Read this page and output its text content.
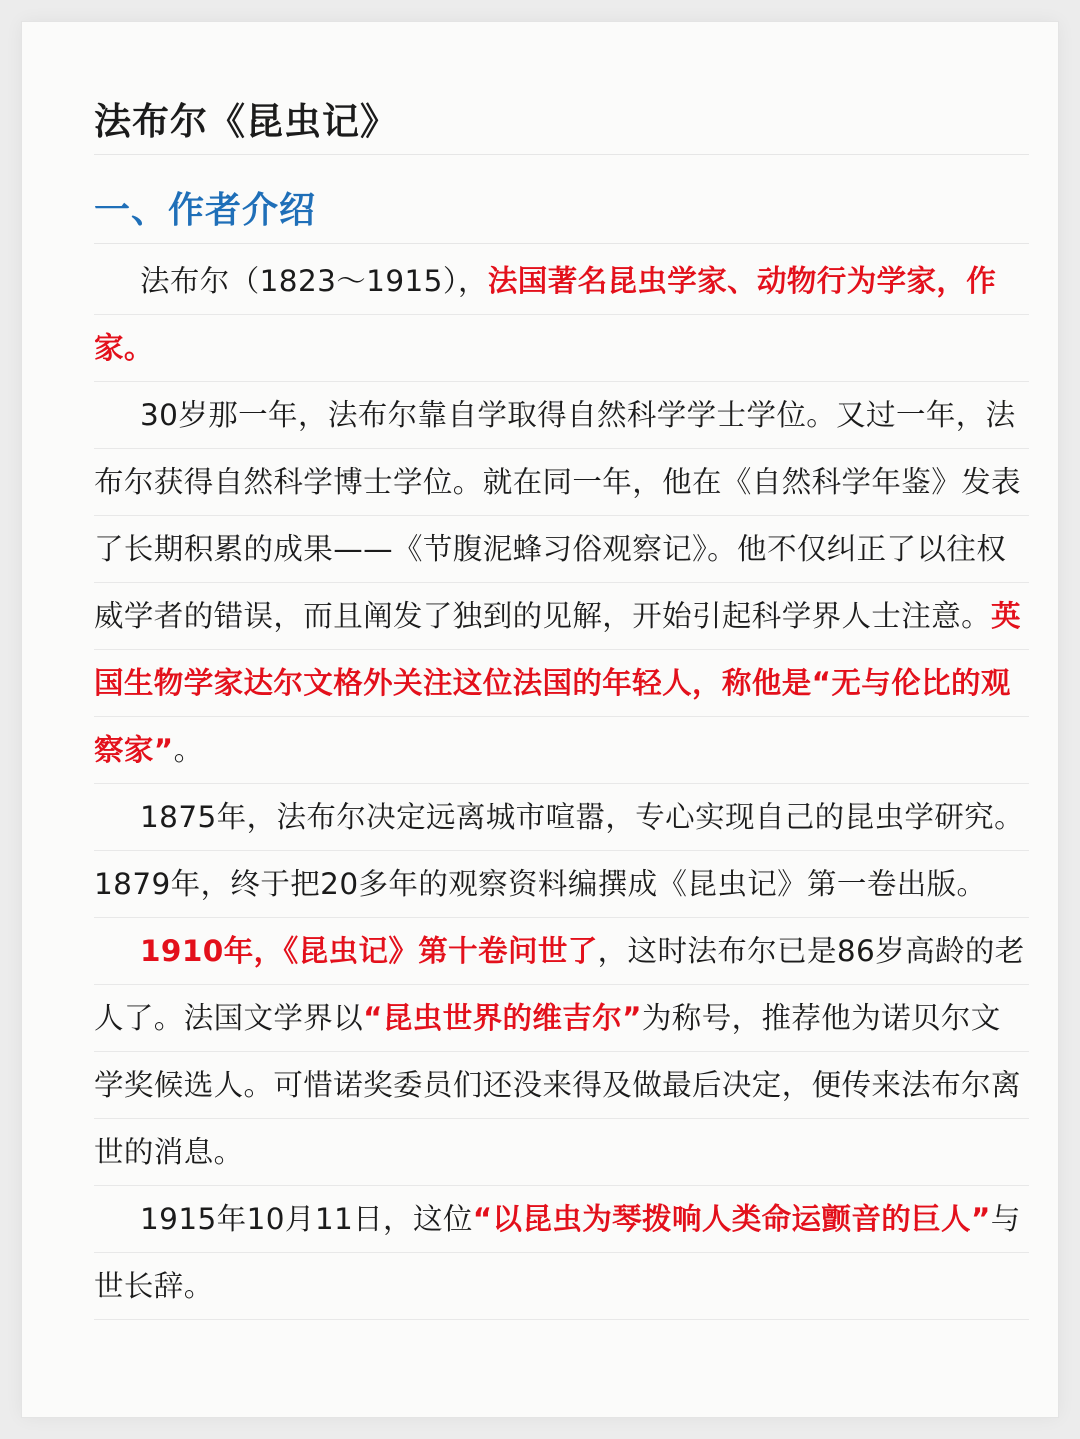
法布尔《昆虫记》
一、作者介绍

法布尔（1823～1915），法国著名昆虫学家、动物行为学家，作家。

30岁那一年，法布尔靠自学取得自然科学学士学位。又过一年，法布尔获得自然科学博士学位。就在同一年，他在《自然科学年鉴》发表了长期积累的成果——《节腹泥蜂习俗观察记》。他不仅纠正了以往权威学者的错误，而且阐发了独到的见解，开始引起科学界人士注意。英国生物学家达尔文格外关注这位法国的年轻人，称他是“无与伦比的观察家”。

1875年，法布尔决定远离城市喧嚣，专心实现自己的昆虫学研究。1879年，终于把20多年的观察资料编撰成《昆虫记》第一卷出版。

1910年，《昆虫记》第十卷问世了，这时法布尔已是86岁高龄的老人了。法国文学界以“昆虫世界的维吉尔”为称号，推荐他为诺贝尔文学奖候选人。可惜诺奖委员们还没来得及做最后决定，便传来法布尔离世的消息。

1915年10月11日，这位“以昆虫为琴拨响人类命运颤音的巨人”与世长辞。
